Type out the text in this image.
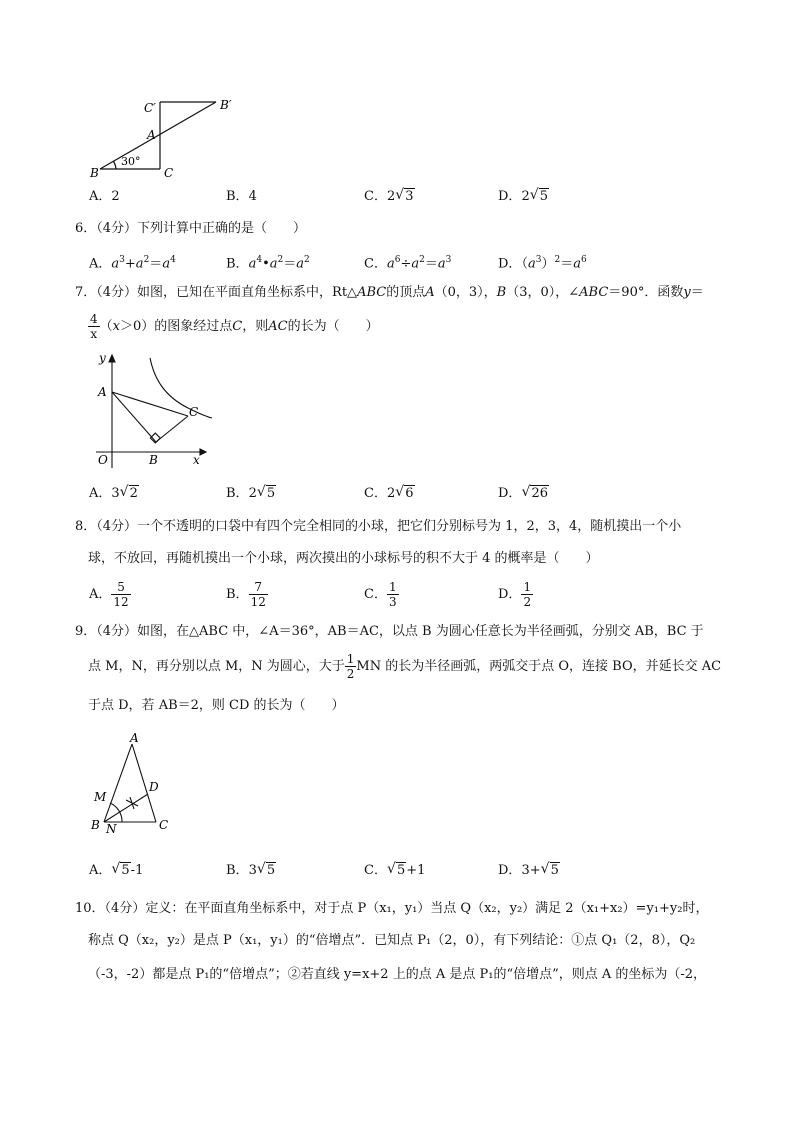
C′	B′
A
B	C
30°
A．2	B．4	C．2 √ 3	D．2 √ 5
6．（4分）下列计算中正确的是（　　）
A．$a^3+a^2=a^4$	B．$a^4•a^2=a^2$	C．$a^6\div a^2=a^3$	D．$(a^3)^2=a^6$
7．（4分）如图，已知在平面直角坐标系中，Rt△ABC的顶点A（0，3），B（3，0），∠ABC＝90°．函数y＝
$\frac{4}{x} (x>0)$的图象经过点C，则AC的长为（　　）
y
A
C
O	B	x
A．3 √ 2	B．2 √ 5	C．2 √ 6	D． √ 26
8．（4分）一个不透明的口袋中有四个完全相同的小球，把它们分别标号为 1，2，3，4，随机摸出一个小
球，不放回，再随机摸出一个小球，两次摸出的小球标号的积不大于 4 的概率是（　　）
A． $\frac{5}{12}$	B． $\frac{7}{12}$	C． $\frac{1}{3}$	D． $\frac{1}{2}$
9．（4分）如图，在△ABC 中，∠A＝36°，AB＝AC，以点 B 为圆心任意长为半径画弧，分别交 AB，BC 于
点 M，N，再分别以点 M，N 为圆心，大于 $\frac{1}{2}$ MN 的长为半径画弧，两弧交于点 O，连接 BO，并延长交 AC
于点 D，若 AB＝2，则 CD 的长为（　　）
A
M
D
B N	C
A． √ 5-1	B．3 √ 5	C． √ 5+1	D．3+ √ 5
10．（4分）定义：在平面直角坐标系中，对于点 P（x₁，y₁）当点 Q（x₂，y₂）满足 2（x₁+x₂）=y₁+y₂时，
称点 Q（x₂，y₂）是点 P（x₁，y₁）的“倍增点”．已知点 P₁（2，0），有下列结论：①点 Q₁（2，8），Q₂
（-3，-2）都是点 P₁的“倍增点”；②若直线 y=x+2 上的点 A 是点 P₁的“倍增点”，则点 A 的坐标为（-2，
